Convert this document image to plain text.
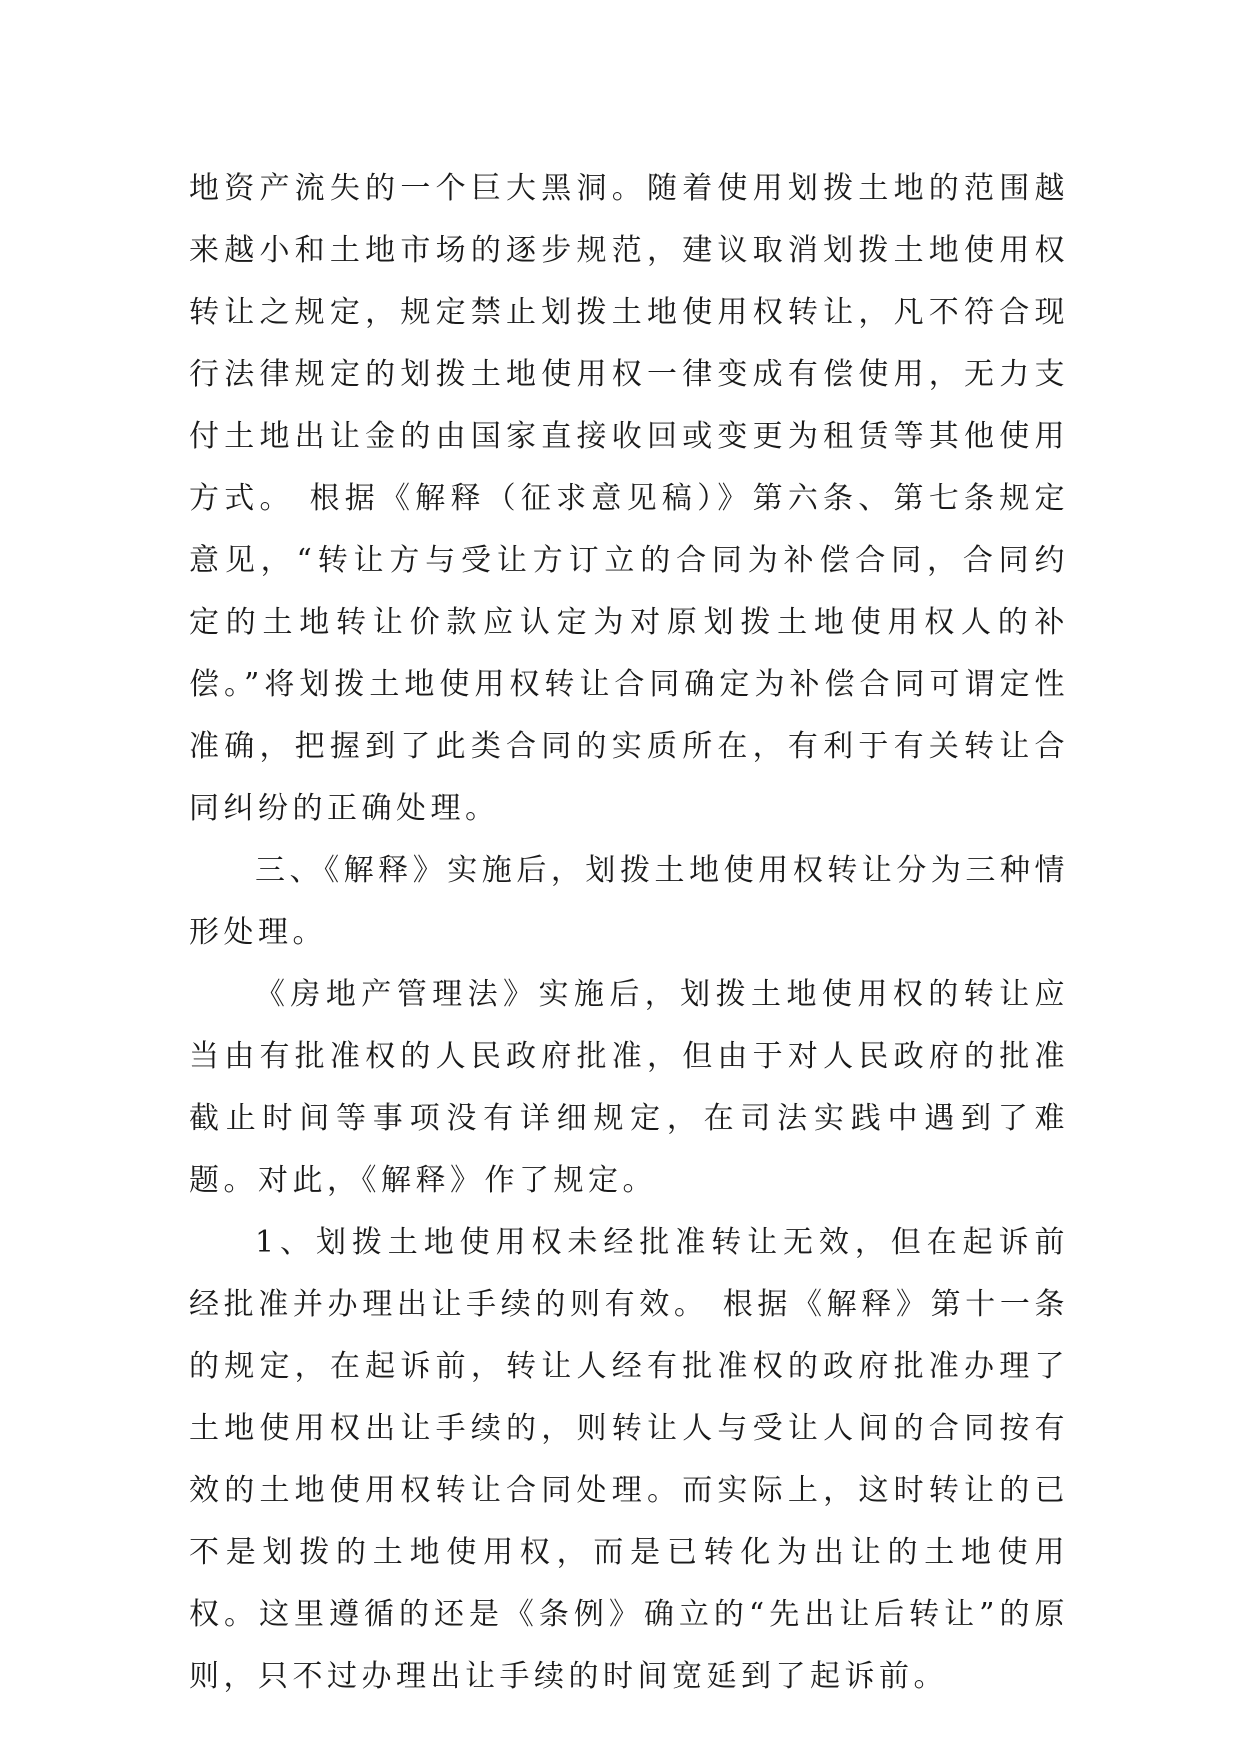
地资产流失的一个巨大黑洞。随着使用划拨土地的范围越来越小和土地市场的逐步规范，建议取消划拨土地使用权转让之规定，规定禁止划拨土地使用权转让，凡不符合现行法律规定的划拨土地使用权一律变成有偿使用，无力支付土地出让金的由国家直接收回或变更为租赁等其他使用方式。 根据《解释（征求意见稿）》第六条、第七条规定意见，“转让方与受让方订立的合同为补偿合同，合同约定的土地转让价款应认定为对原划拨土地使用权人的补偿。”将划拨土地使用权转让合同确定为补偿合同可谓定性准确，把握到了此类合同的实质所在，有利于有关转让合同纠纷的正确处理。

三、《解释》实施后，划拨土地使用权转让分为三种情形处理。

《房地产管理法》实施后，划拨土地使用权的转让应当由有批准权的人民政府批准，但由于对人民政府的批准截止时间等事项没有详细规定，在司法实践中遇到了难题。对此，《解释》作了规定。

1、划拨土地使用权未经批准转让无效，但在起诉前经批准并办理出让手续的则有效。 根据《解释》第十一条的规定，在起诉前，转让人经有批准权的政府批准办理了土地使用权出让手续的，则转让人与受让人间的合同按有效的土地使用权转让合同处理。而实际上，这时转让的已不是划拨的土地使用权，而是已转化为出让的土地使用权。这里遵循的还是《条例》确立的“先出让后转让”的原则，只不过办理出让手续的时间宽延到了起诉前。
